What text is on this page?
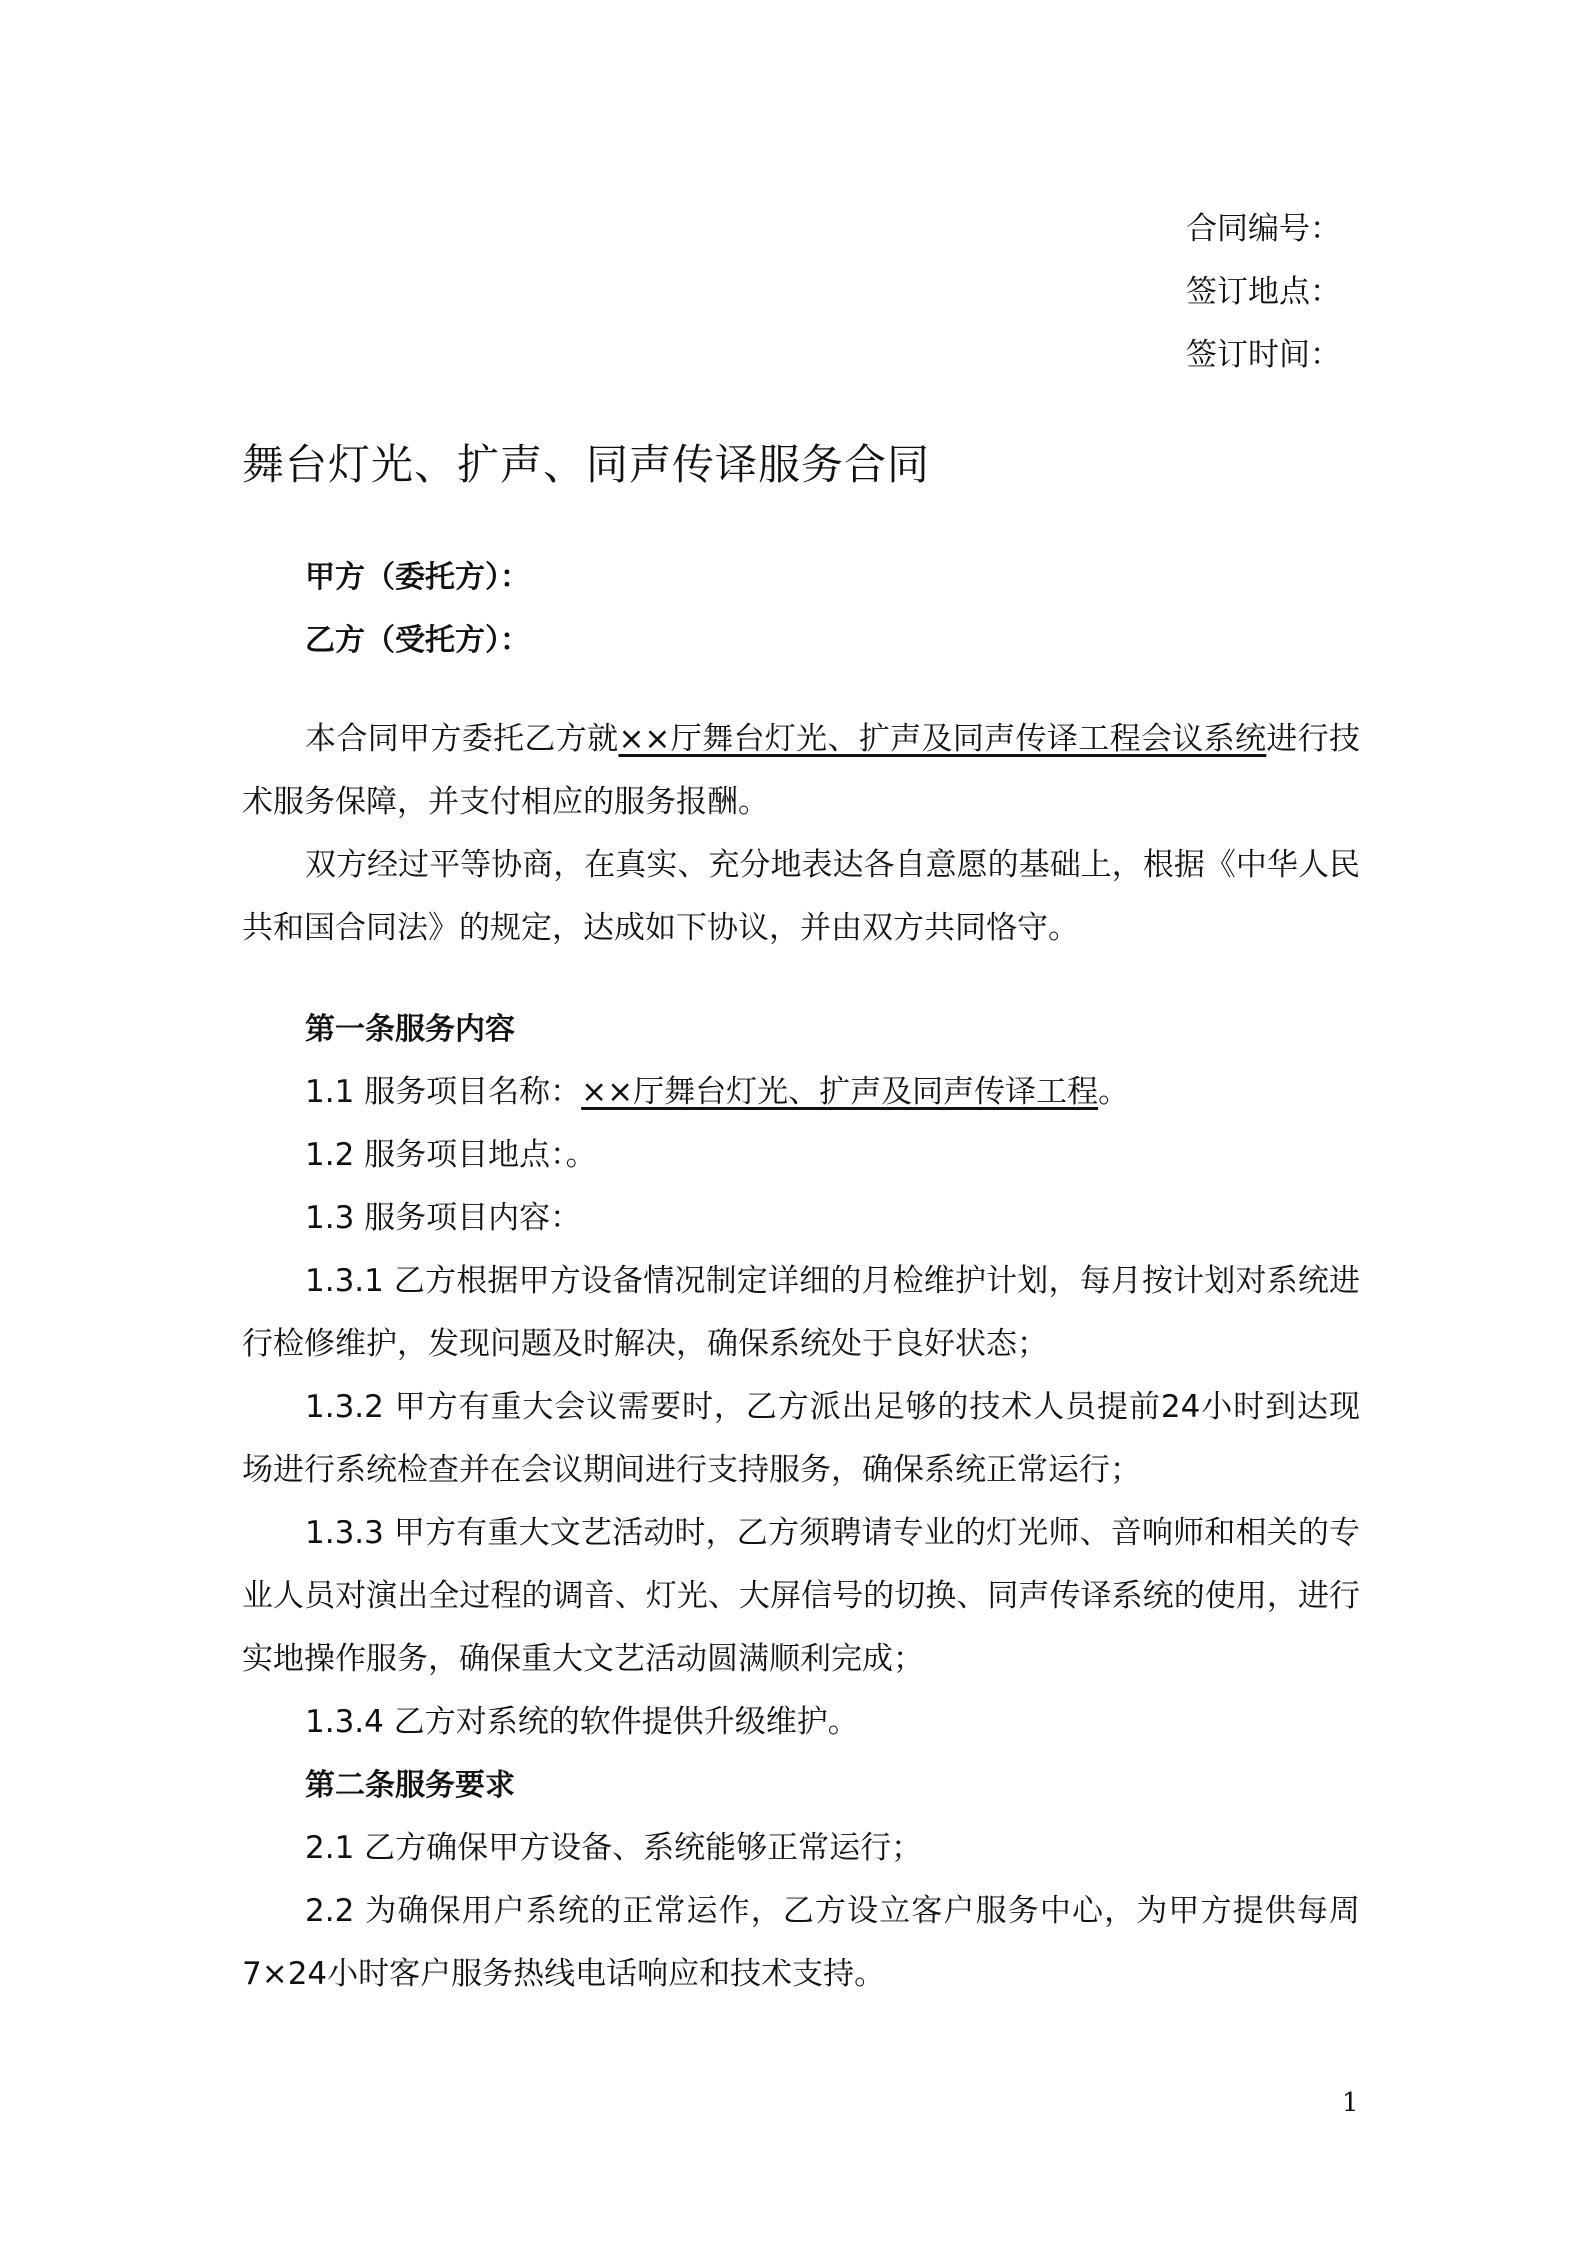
合同编号：
签订地点：
签订时间：
舞台灯光、扩声、同声传译服务合同
甲方（委托方）：
乙方（受托方）：

本合同甲方委托乙方就××厅舞台灯光、扩声及同声传译工程会议系统进行技术服务保障，并支付相应的服务报酬。

双方经过平等协商，在真实、充分地表达各自意愿的基础上，根据《中华人民共和国合同法》的规定，达成如下协议，并由双方共同恪守。

第一条服务内容

1.1 服务项目名称：××厅舞台灯光、扩声及同声传译工程。

1.2 服务项目地点：。

1.3 服务项目内容：

1.3.1 乙方根据甲方设备情况制定详细的月检维护计划，每月按计划对系统进行检修维护，发现问题及时解决，确保系统处于良好状态；

1.3.2 甲方有重大会议需要时，乙方派出足够的技术人员提前24小时到达现场进行系统检查并在会议期间进行支持服务，确保系统正常运行；

1.3.3 甲方有重大文艺活动时，乙方须聘请专业的灯光师、音响师和相关的专业人员对演出全过程的调音、灯光、大屏信号的切换、同声传译系统的使用，进行实地操作服务，确保重大文艺活动圆满顺利完成；

1.3.4 乙方对系统的软件提供升级维护。

第二条服务要求

2.1 乙方确保甲方设备、系统能够正常运行；

2.2 为确保用户系统的正常运作，乙方设立客户服务中心，为甲方提供每周7×24小时客户服务热线电话响应和技术支持。

1
